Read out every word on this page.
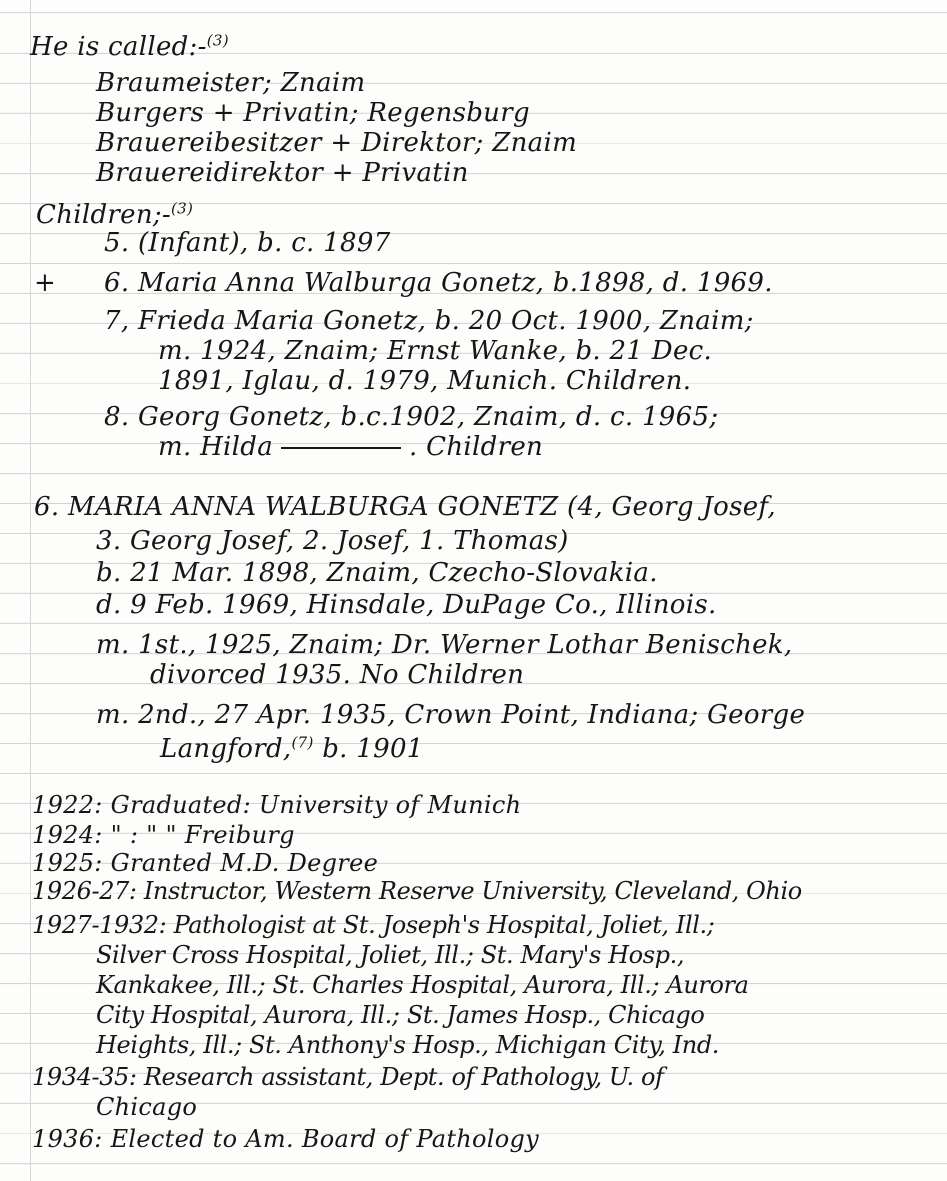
He is called:-$^{(3)}$
Braumeister; Znaim
Burgers + Privatin; Regensburg
Brauereibesitzer + Direktor; Znaim
Brauereidirektor + Privatin
Children;-$^{(3)}$
5. (Infant), b. c. 1897
+ 6. Maria Anna Walburga Gonetz, b.1898, d. 1969.
7, Frieda Maria Gonetz, b. 20 Oct. 1900, Znaim;
m. 1924, Znaim; Ernst Wanke, b. 21 Dec.
1891, Iglau, d. 1979, Munich. Children.
8. Georg Gonetz, b.c.1902, Znaim, d. c. 1965;
m. Hilda	. Children
6. MARIA ANNA WALBURGA GONETZ (4, Georg Josef,
3. Georg Josef, 2. Josef, 1. Thomas)
b. 21 Mar. 1898, Znaim, Czecho-Slovakia.
d. 9 Feb. 1969, Hinsdale, DuPage Co., Illinois.
m. 1st., 1925, Znaim; Dr. Werner Lothar Benischek,
divorced 1935. No Children
m. 2nd., 27 Apr. 1935, Crown Point, Indiana; George
Langford,$^{(7)}$ b. 1901
1922: Graduated: University of Munich
1924: " : " " Freiburg
1925: Granted M.D. Degree
1926-27: Instructor, Western Reserve University, Cleveland, Ohio
1927-1932: Pathologist at St. Joseph's Hospital, Joliet, Ill.;
Silver Cross Hospital, Joliet, Ill.; St. Mary's Hosp.,
Kankakee, Ill.; St. Charles Hospital, Aurora, Ill.; Aurora
City Hospital, Aurora, Ill.; St. James Hosp., Chicago
Heights, Ill.; St. Anthony's Hosp., Michigan City, Ind.
1934-35: Research assistant, Dept. of Pathology, U. of
Chicago
1936: Elected to Am. Board of Pathology
